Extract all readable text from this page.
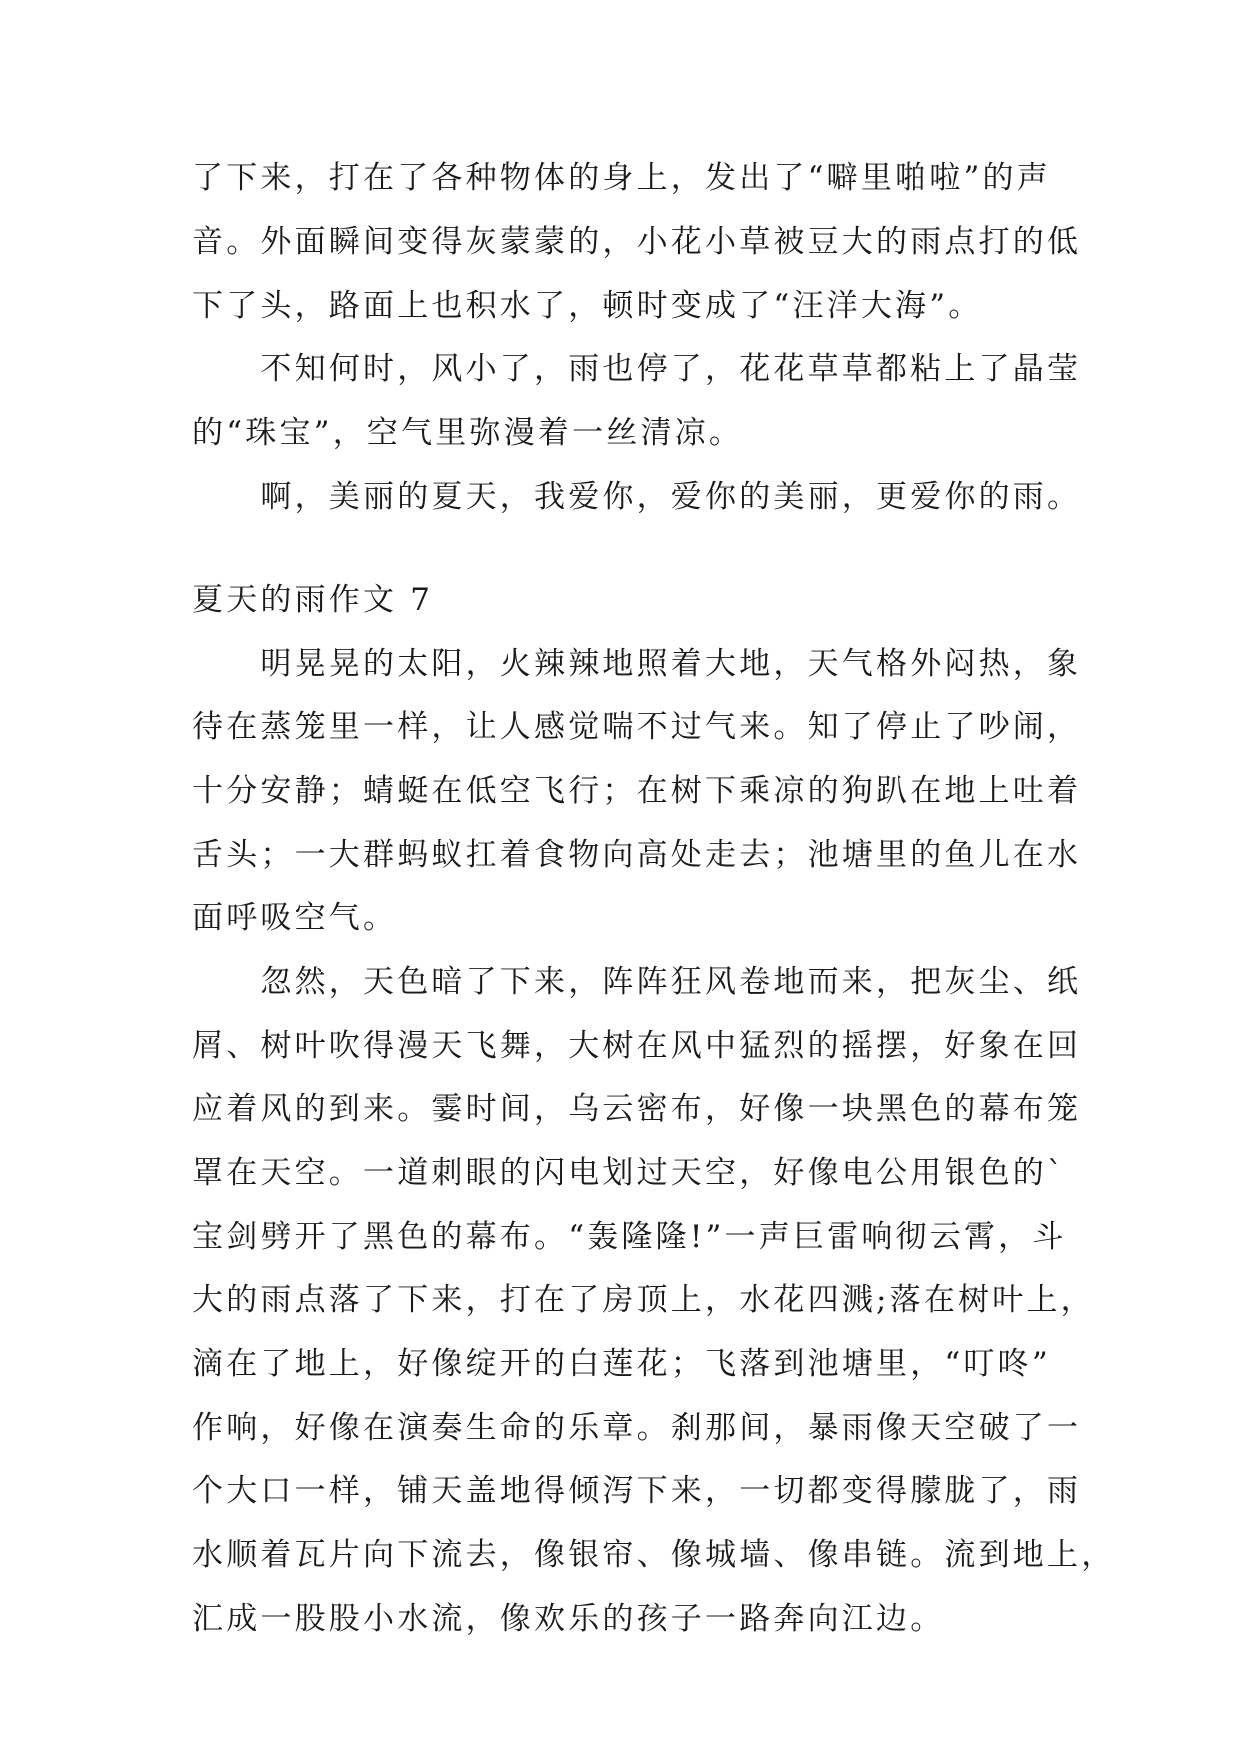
了下来，打在了各种物体的身上，发出了“噼里啪啦”的声
音。外面瞬间变得灰蒙蒙的，小花小草被豆大的雨点打的低
下了头，路面上也积水了，顿时变成了“汪洋大海”。
　　不知何时，风小了，雨也停了，花花草草都粘上了晶莹
的“珠宝”，空气里弥漫着一丝清凉。
　　啊，美丽的夏天，我爱你，爱你的美丽，更爱你的雨。
夏天的雨作文 7
　　明晃晃的太阳，火辣辣地照着大地，天气格外闷热，象
待在蒸笼里一样，让人感觉喘不过气来。知了停止了吵闹，
十分安静；蜻蜓在低空飞行；在树下乘凉的狗趴在地上吐着
舌头；一大群蚂蚁扛着食物向高处走去；池塘里的鱼儿在水
面呼吸空气。
　　忽然，天色暗了下来，阵阵狂风卷地而来，把灰尘、纸
屑、树叶吹得漫天飞舞，大树在风中猛烈的摇摆，好象在回
应着风的到来。霎时间，乌云密布，好像一块黑色的幕布笼
罩在天空。一道刺眼的闪电划过天空，好像电公用银色的`
宝剑劈开了黑色的幕布。“轰隆隆!”一声巨雷响彻云霄，斗
大的雨点落了下来，打在了房顶上，水花四溅;落在树叶上，
滴在了地上，好像绽开的白莲花；飞落到池塘里，“叮咚”
作响，好像在演奏生命的乐章。刹那间，暴雨像天空破了一
个大口一样，铺天盖地得倾泻下来，一切都变得朦胧了，雨
水顺着瓦片向下流去，像银帘、像城墙、像串链。流到地上，
汇成一股股小水流，像欢乐的孩子一路奔向江边。
